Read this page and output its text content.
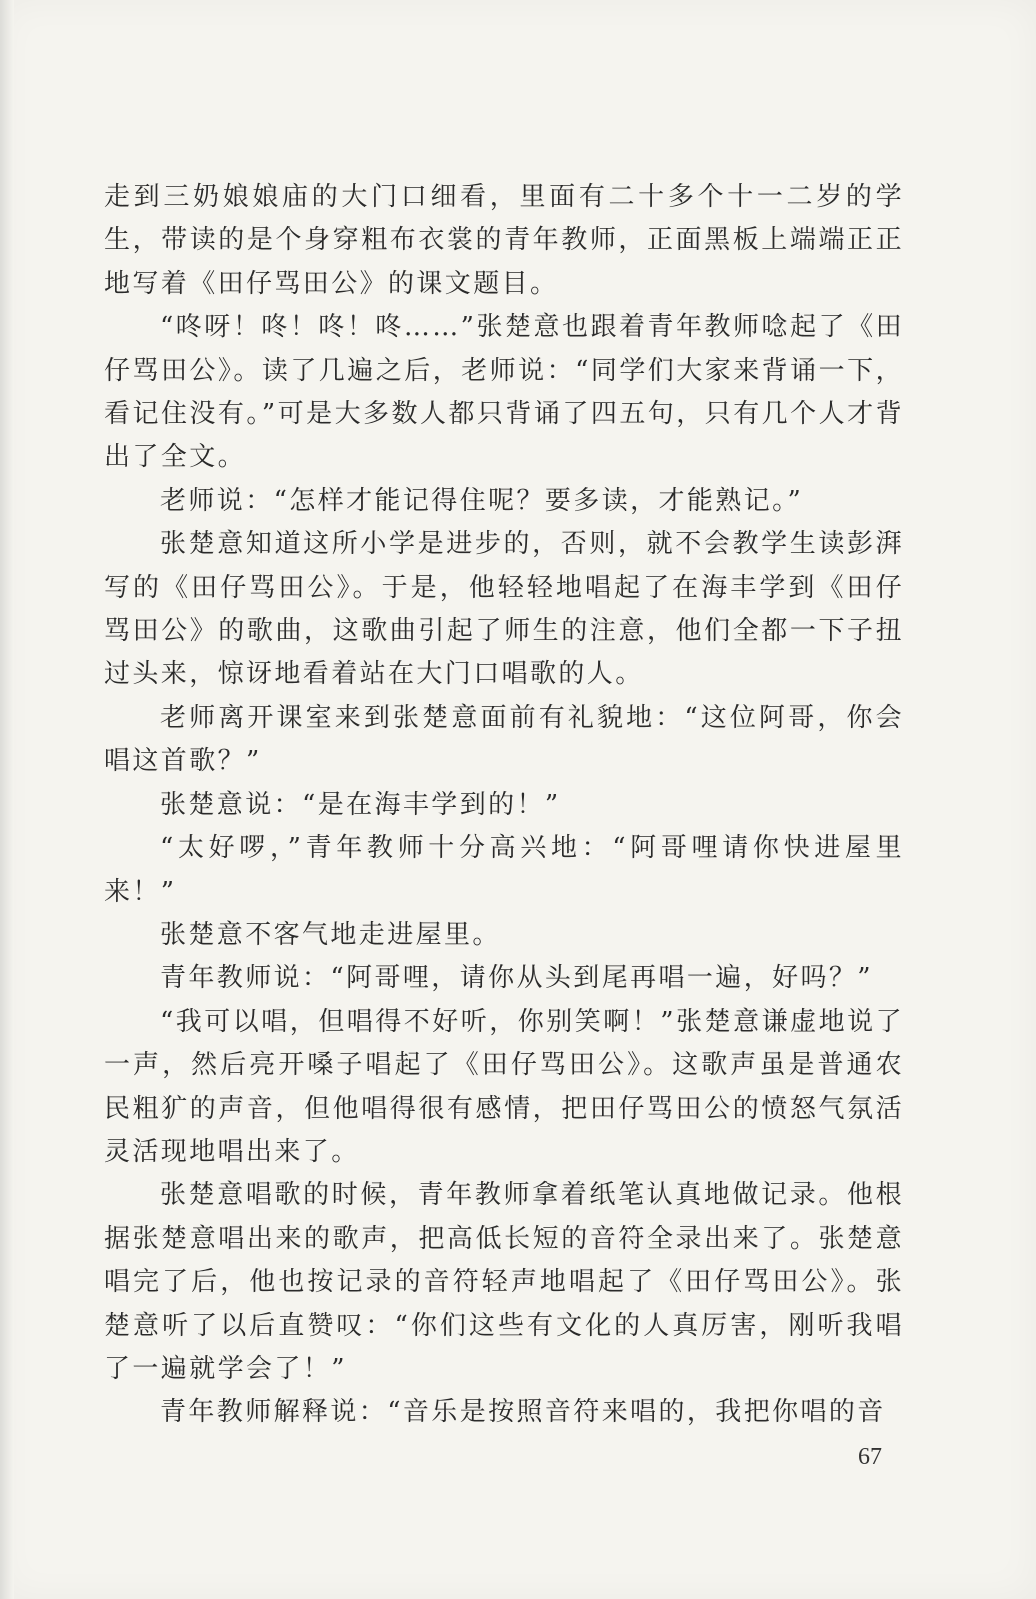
走到三奶娘娘庙的大门口细看，里面有二十多个十一二岁的学生，带读的是个身穿粗布衣裳的青年教师，正面黑板上端端正正地写着《田仔骂田公》的课文题目。

“咚呀！咚！咚！咚……”张楚意也跟着青年教师唸起了《田仔骂田公》。读了几遍之后，老师说：“同学们大家来背诵一下，看记住没有。”可是大多数人都只背诵了四五句，只有几个人才背出了全文。

老师说：“怎样才能记得住呢？要多读，才能熟记。”

张楚意知道这所小学是进步的，否则，就不会教学生读彭湃写的《田仔骂田公》。于是，他轻轻地唱起了在海丰学到《田仔骂田公》的歌曲，这歌曲引起了师生的注意，他们全都一下子扭过头来，惊讶地看着站在大门口唱歌的人。

老师离开课室来到张楚意面前有礼貌地：“这位阿哥，你会唱这首歌？”

张楚意说：“是在海丰学到的！”

“太好啰，”青年教师十分高兴地：“阿哥哩请你快进屋里来！”

张楚意不客气地走进屋里。

青年教师说：“阿哥哩，请你从头到尾再唱一遍，好吗？”

“我可以唱，但唱得不好听，你别笑啊！”张楚意谦虚地说了一声，然后亮开嗓子唱起了《田仔骂田公》。这歌声虽是普通农民粗犷的声音，但他唱得很有感情，把田仔骂田公的愤怒气氛活灵活现地唱出来了。

张楚意唱歌的时候，青年教师拿着纸笔认真地做记录。他根据张楚意唱出来的歌声，把高低长短的音符全录出来了。张楚意唱完了后，他也按记录的音符轻声地唱起了《田仔骂田公》。张楚意听了以后直赞叹：“你们这些有文化的人真厉害，刚听我唱了一遍就学会了！”

青年教师解释说：“音乐是按照音符来唱的，我把你唱的音

67
